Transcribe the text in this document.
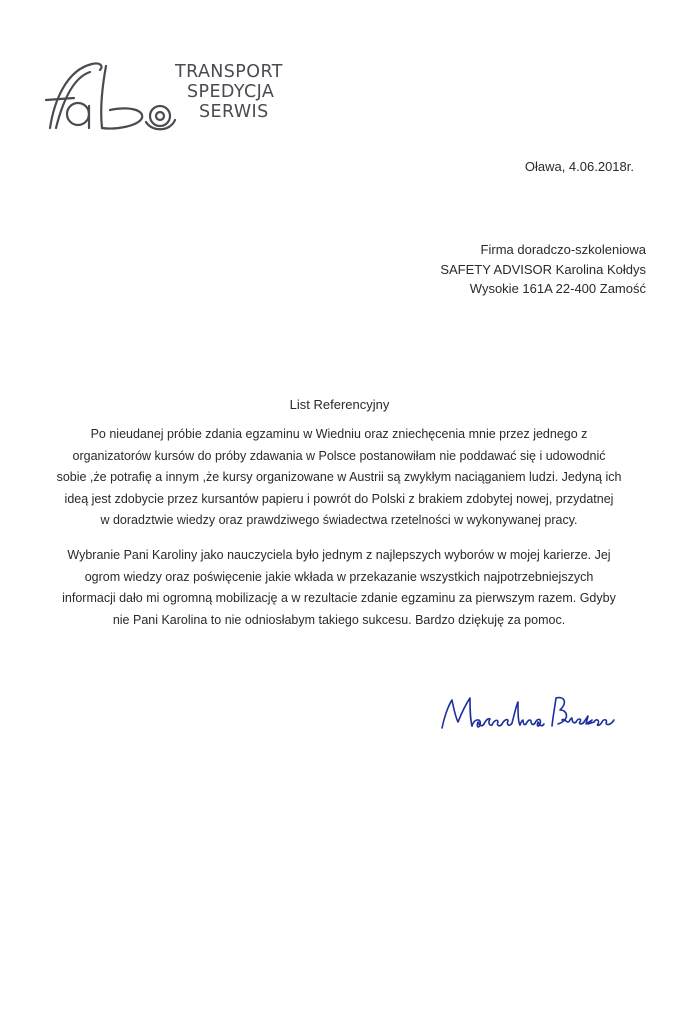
TRANSPORT
SPEDYCJA
SERWIS
Oława, 4.06.2018r.
Firma doradczo-szkoleniowa
SAFETY ADVISOR Karolina Kołdys
Wysokie 161A 22-400 Zamość
List Referencyjny
Po nieudanej próbie zdania egzaminu w Wiedniu oraz zniechęcenia mnie przez jednego z
organizatorów kursów do próby zdawania w Polsce postanowiłam nie poddawać się i udowodnić
sobie ,że potrafię a innym ,że kursy organizowane w Austrii są zwykłym naciąganiem ludzi. Jedyną ich
ideą jest zdobycie przez kursantów papieru i powrót do Polski z brakiem zdobytej nowej, przydatnej
w doradztwie wiedzy oraz prawdziwego świadectwa rzetelności w wykonywanej pracy.
Wybranie Pani Karoliny jako nauczyciela było jednym z najlepszych wyborów w mojej karierze. Jej
ogrom wiedzy oraz poświęcenie jakie wkłada w przekazanie wszystkich najpotrzebniejszych
informacji dało mi ogromną mobilizację a w rezultacie zdanie egzaminu za pierwszym razem. Gdyby
nie Pani Karolina to nie odniosłabym takiego sukcesu. Bardzo dziękuję za pomoc.
